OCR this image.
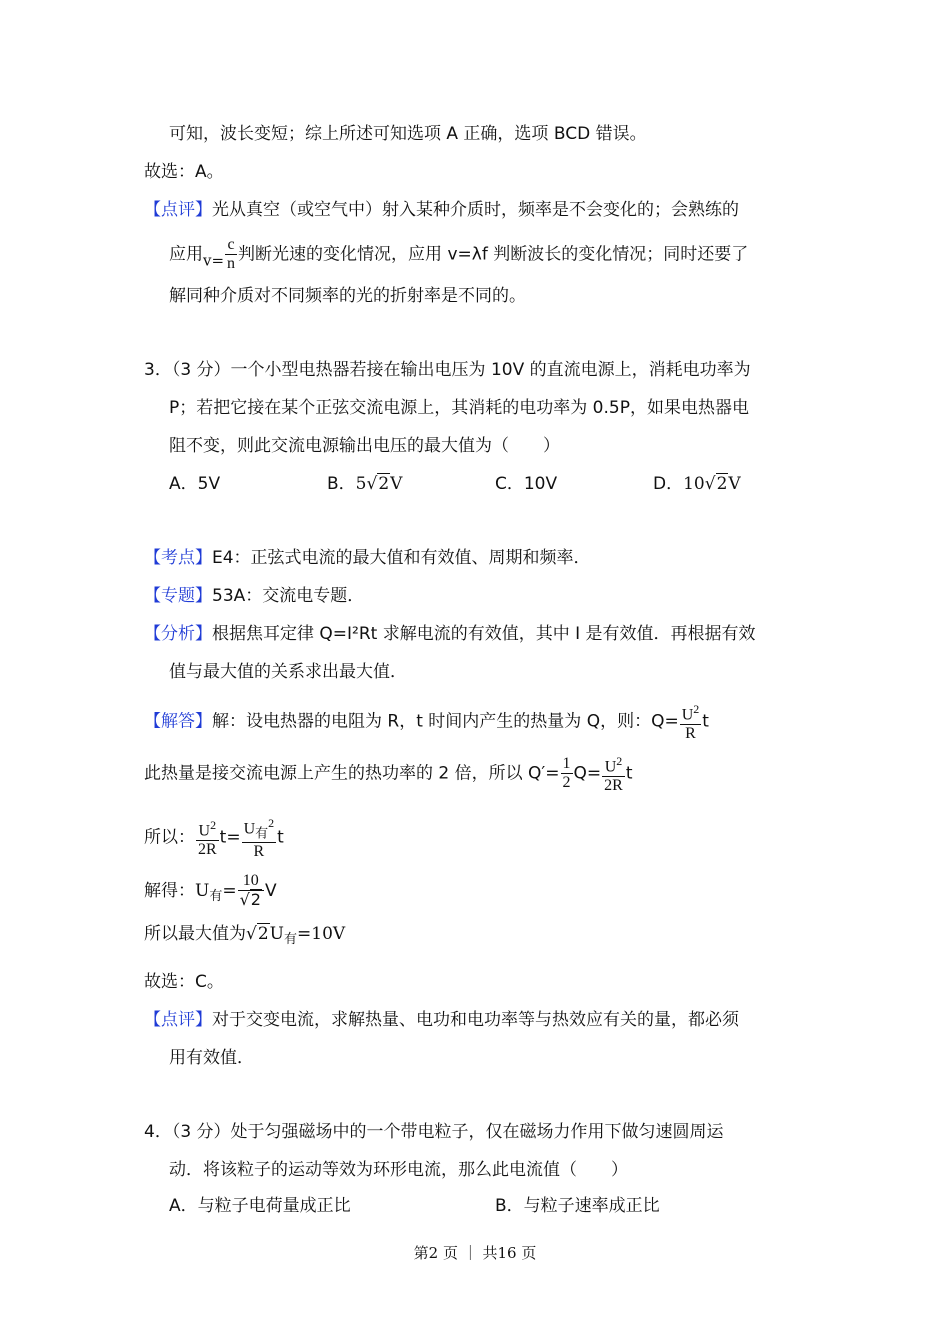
可知，波长变短；综上所述可知选项 A 正确，选项 BCD 错误。
故选：A。
【点评】光从真空（或空气中）射入某种介质时，频率是不会变化的；会熟练的
应用$v= \frac{c}{n}$ 判断光速的变化情况，应用 v=λf 判断波长的变化情况；同时还要了
解同种介质对不同频率的光的折射率是不同的。
3．（3 分）一个小型电热器若接在输出电压为 10V 的直流电源上，消耗电功率为
P；若把它接在某个正弦交流电源上，其消耗的电功率为 0.5P，如果电热器电
阻不变，则此交流电源输出电压的最大值为（　　）
A．5V	B．5√2V	C．10V	D．10√2V
【考点】E4：正弦式电流的最大值和有效值、周期和频率．
【专题】53A：交流电专题．
【分析】根据焦耳定律 Q=I²Rt 求解电流的有效值，其中 I 是有效值．再根据有效
值与最大值的关系求出最大值．
【解答】解：设电热器的电阻为 R，t 时间内产生的热量为 Q，则：$Q= \frac{U^2}{R}$ t
此热量是接交流电源上产生的热功率的 2 倍，所以 $Q'= \frac{1}{2} Q= \frac{U^2}{2R}$ t
所以： $\frac{U^2}{2R} t= \frac{U_有^2}{R}$ t
解得：$U_有= \frac{10}{√2}$ V
所以最大值为$√2U_有=10V$
故选：C。
【点评】对于交变电流，求解热量、电功和电功率等与热效应有关的量，都必须
用有效值．
4．（3 分）处于匀强磁场中的一个带电粒子，仅在磁场力作用下做匀速圆周运
动．将该粒子的运动等效为环形电流，那么此电流值（　　）
A．与粒子电荷量成正比	B．与粒子速率成正比
第2 页 ｜ 共16 页
